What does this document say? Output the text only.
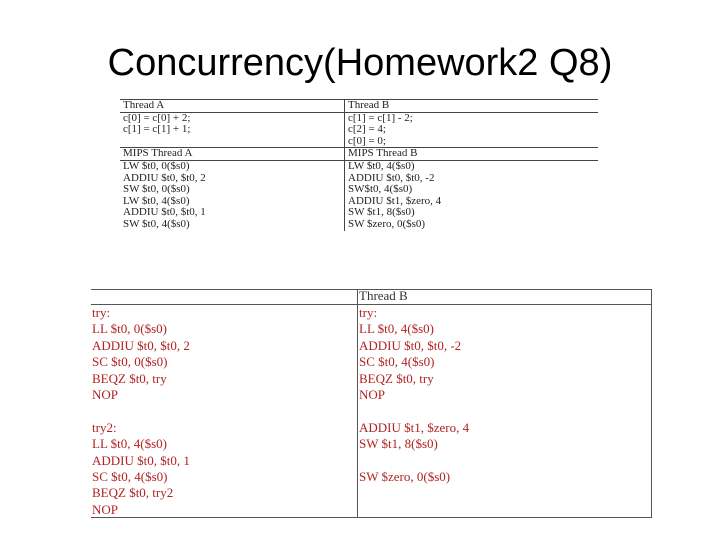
Concurrency(Homework2 Q8)
Thread A	Thread B
c[0] = c[0] + 2;
c[1] = c[1] + 1;

c[1] = c[1] - 2;
c[2] = 4;
c[0] = 0;
MIPS Thread A	MIPS Thread B
LW $t0, 0($s0)
ADDIU $t0, $t0, 2
SW $t0, 0($s0)
LW $t0, 4($s0)
ADDIU $t0, $t0, 1
SW $t0, 4($s0)
LW $t0, 4($s0)
ADDIU $t0, $t0, -2
SW$t0, 4($s0)
ADDIU $t1, $zero, 4
SW $t1, 8($s0)
SW $zero, 0($s0)
Thread B
try:
LL $t0, 0($s0)
ADDIU $t0, $t0, 2
SC $t0, 0($s0)
BEQZ $t0, try
NOP

try2:
LL $t0, 4($s0)
ADDIU $t0, $t0, 1
SC $t0, 4($s0)
BEQZ $t0, try2
NOP
try:
LL $t0, 4($s0)
ADDIU $t0, $t0, -2
SC $t0, 4($s0)
BEQZ $t0, try
NOP

ADDIU $t1, $zero, 4
SW $t1, 8($s0)

SW $zero, 0($s0)
